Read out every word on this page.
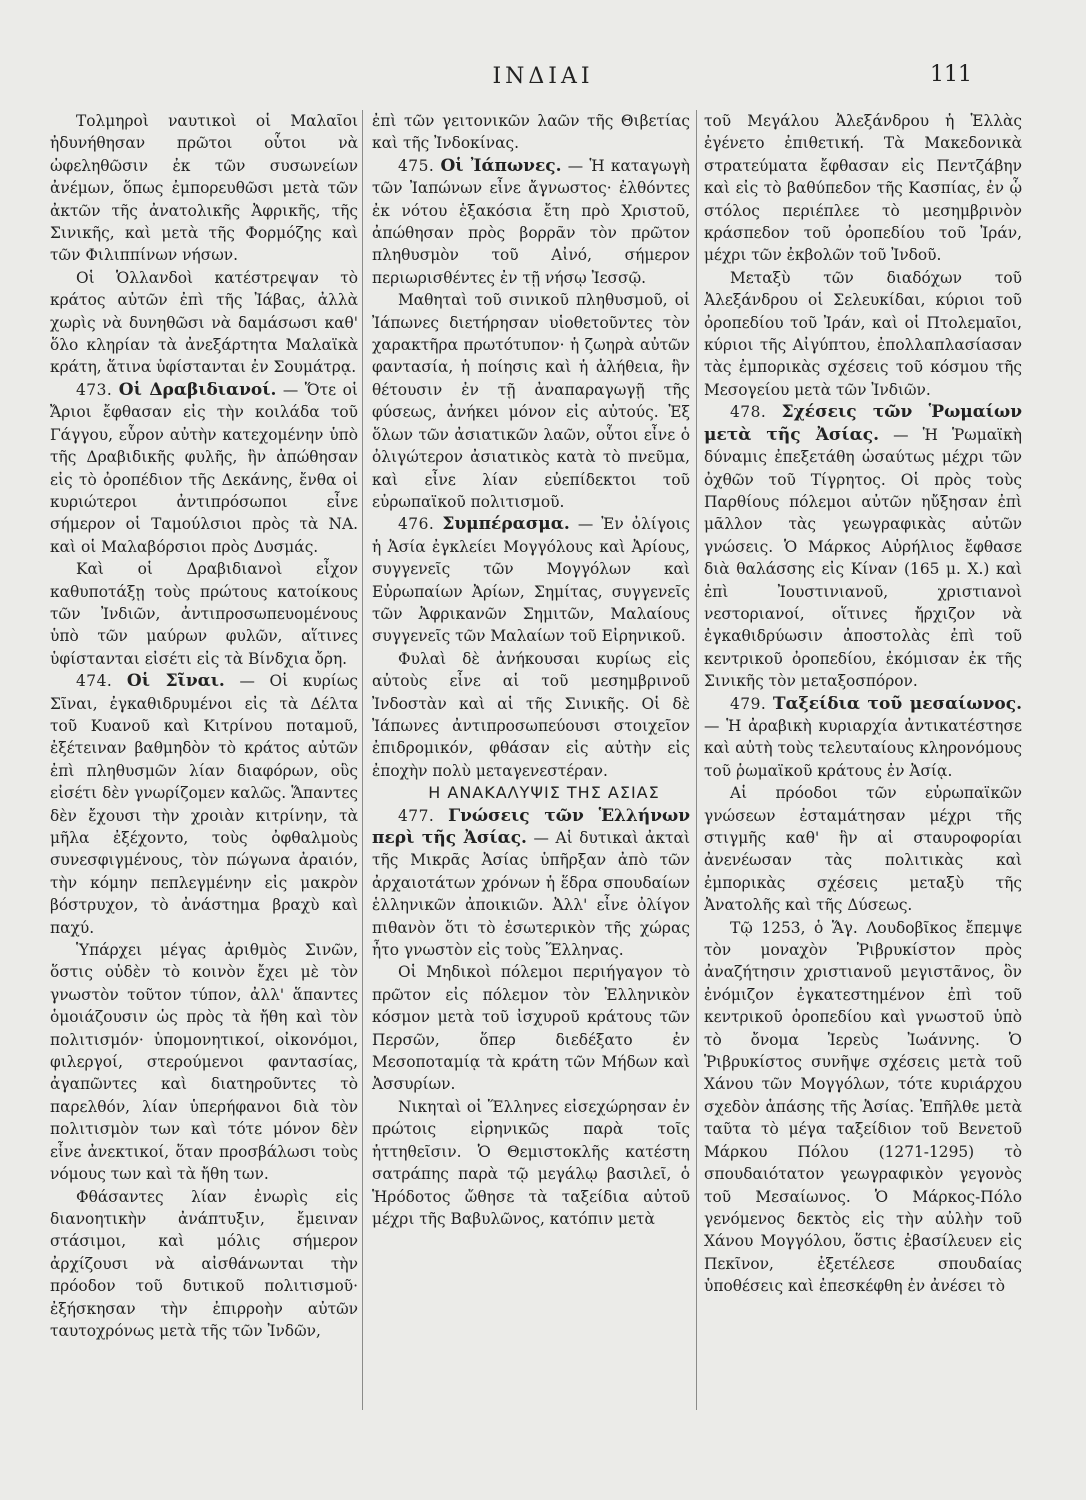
ΙΝΔΙΑΙ	111

Τολμηροὶ ναυτικοὶ οἱ Μαλαῖοι ἠδυνήθησαν πρῶτοι οὗτοι νὰ ὠφεληθῶσιν ἐκ τῶν συσωνείων ἀνέμων, ὅπως ἐμπορευθῶσι μετὰ τῶν ἀκτῶν τῆς ἀνατολικῆς Ἀφρικῆς, τῆς Σινικῆς, καὶ μετὰ τῆς Φορμόζης καὶ τῶν Φιλιππίνων νήσων.

Οἱ Ὁλλανδοὶ κατέστρεψαν τὸ κράτος αὐτῶν ἐπὶ τῆς Ἰάβας, ἀλλὰ χωρὶς νὰ δυνηθῶσι νὰ δαμάσωσι καθ' ὅλο κληρίαν τὰ ἀνεξάρτητα Μαλαϊκὰ κράτη, ἅτινα ὑφίστανται ἐν Σουμάτρᾳ.

473. Οἱ Δραβιδιανοί. — Ὅτε οἱ Ἄριοι ἔφθασαν εἰς τὴν κοιλάδα τοῦ Γάγγου, εὗρον αὐτὴν κατεχομένην ὑπὸ τῆς Δραβιδικῆς φυλῆς, ἣν ἀπώθησαν εἰς τὸ ὀροπέδιον τῆς Δεκάνης, ἔνθα οἱ κυριώτεροι ἀντιπρόσωποι εἶνε σήμερον οἱ Ταμούλσιοι πρὸς τὰ ΝΑ. καὶ οἱ Μαλαβόρσιοι πρὸς Δυσμάς.

Καὶ οἱ Δραβιδιανοὶ εἶχον καθυποτάξῃ τοὺς πρώτους κατοίκους τῶν Ἰνδιῶν, ἀντιπροσωπευομένους ὑπὸ τῶν μαύρων φυλῶν, αἵτινες ὑφίστανται εἰσέτι εἰς τὰ Βίνδχια ὄρη.

474. Οἱ Σῖναι. — Οἱ κυρίως Σῖναι, ἐγκαθιδρυμένοι εἰς τὰ Δέλτα τοῦ Κυανοῦ καὶ Κιτρίνου ποταμοῦ, ἐξέτειναν βαθμηδὸν τὸ κράτος αὐτῶν ἐπὶ πληθυσμῶν λίαν διαφόρων, οὓς εἰσέτι δὲν γνωρίζομεν καλῶς. Ἅπαντες δὲν ἔχουσι τὴν χροιὰν κιτρίνην, τὰ μῆλα ἐξέχοντο, τοὺς ὀφθαλμοὺς συνεσφιγμένους, τὸν πώγωνα ἀραιόν, τὴν κόμην πεπλεγμένην εἰς μακρὸν βόστρυχον, τὸ ἀνάστημα βραχὺ καὶ παχύ.

Ὑπάρχει μέγας ἀριθμὸς Σινῶν, ὅστις οὐδὲν τὸ κοινὸν ἔχει μὲ τὸν γνωστὸν τοῦτον τύπον, ἀλλ' ἅπαντες ὁμοιάζουσιν ὡς πρὸς τὰ ἤθη καὶ τὸν πολιτισμόν· ὑπομονητικοί, οἰκονόμοι, φιλεργοί, στερούμενοι φαντασίας, ἀγαπῶντες καὶ διατηροῦντες τὸ παρελθόν, λίαν ὑπερήφανοι διὰ τὸν πολιτισμὸν των καὶ τότε μόνον δὲν εἶνε ἀνεκτικοί, ὅταν προσβάλωσι τοὺς νόμους των καὶ τὰ ἤθη των.

Φθάσαντες λίαν ἐνωρὶς εἰς διανοητικὴν ἀνάπτυξιν, ἔμειναν στάσιμοι, καὶ μόλις σήμερον ἀρχίζουσι νὰ αἰσθάνωνται τὴν πρόοδον τοῦ δυτικοῦ πολιτισμοῦ· ἐξήσκησαν τὴν ἐπιρροὴν αὐτῶν ταυτοχρόνως μετὰ τῆς τῶν Ἰνδῶν,

ἐπὶ τῶν γειτονικῶν λαῶν τῆς Θιβετίας καὶ τῆς Ἰνδοκίνας.

475. Οἱ Ἰάπωνες. — Ἡ καταγωγὴ τῶν Ἰαπώνων εἶνε ἄγνωστος· ἐλθόντες ἐκ νότου ἑξακόσια ἔτη πρὸ Χριστοῦ, ἀπώθησαν πρὸς βορρᾶν τὸν πρῶτον πληθυσμὸν τοῦ Αἰνό, σήμερον περιωρισθέντες ἐν τῇ νήσῳ Ἰεσσῷ.

Μαθηταὶ τοῦ σινικοῦ πληθυσμοῦ, οἱ Ἰάπωνες διετήρησαν υἱοθετοῦντες τὸν χαρακτῆρα πρωτότυπον· ἡ ζωηρὰ αὐτῶν φαντασία, ἡ ποίησις καὶ ἡ ἀλήθεια, ἣν θέτουσιν ἐν τῇ ἀναπαραγωγῇ τῆς φύσεως, ἀνήκει μόνον εἰς αὐτούς. Ἐξ ὅλων τῶν ἀσιατικῶν λαῶν, οὗτοι εἶνε ὁ ὀλιγώτερον ἀσιατικὸς κατὰ τὸ πνεῦμα, καὶ εἶνε λίαν εὐεπίδεκτοι τοῦ εὐρωπαϊκοῦ πολιτισμοῦ.

476. Συμπέρασμα. — Ἐν ὀλίγοις ἡ Ἀσία ἐγκλείει Μογγόλους καὶ Ἀρίους, συγγενεῖς τῶν Μογγόλων καὶ Εὐρωπαίων Ἀρίων, Σημίτας, συγγενεῖς τῶν Ἀφρικανῶν Σημιτῶν, Μαλαίους συγγενεῖς τῶν Μαλαίων τοῦ Εἰρηνικοῦ.

Φυλαὶ δὲ ἀνήκουσαι κυρίως εἰς αὐτοὺς εἶνε αἱ τοῦ μεσημβρινοῦ Ἰνδοστὰν καὶ αἱ τῆς Σινικῆς. Οἱ δὲ Ἰάπωνες ἀντιπροσωπεύουσι στοιχεῖον ἐπιδρομικόν, φθάσαν εἰς αὐτὴν εἰς ἐποχὴν πολὺ μεταγενεστέραν.

Η ΑΝΑΚΑΛΥΨΙΣ ΤΗΣ ΑΣΙΑΣ

477. Γνώσεις τῶν Ἑλλήνων περὶ τῆς Ἀσίας. — Αἱ δυτικαὶ ἀκταὶ τῆς Μικρᾶς Ἀσίας ὑπῆρξαν ἀπὸ τῶν ἀρχαιοτάτων χρόνων ἡ ἕδρα σπουδαίων ἑλληνικῶν ἀποικιῶν. Ἀλλ' εἶνε ὀλίγον πιθανὸν ὅτι τὸ ἐσωτερικὸν τῆς χώρας ἦτο γνωστὸν εἰς τοὺς Ἕλληνας.

Οἱ Μηδικοὶ πόλεμοι περιήγαγον τὸ πρῶτον εἰς πόλεμον τὸν Ἑλληνικὸν κόσμον μετὰ τοῦ ἰσχυροῦ κράτους τῶν Περσῶν, ὅπερ διεδέξατο ἐν Μεσοποταμίᾳ τὰ κράτη τῶν Μήδων καὶ Ἀσσυρίων.

Νικηταὶ οἱ Ἕλληνες εἰσεχώρησαν ἐν πρώτοις εἰρηνικῶς παρὰ τοῖς ἡττηθεῖσιν. Ὁ Θεμιστοκλῆς κατέστη σατράπης παρὰ τῷ μεγάλῳ βασιλεῖ, ὁ Ἡρόδοτος ὤθησε τὰ ταξείδια αὐτοῦ μέχρι τῆς Βαβυλῶνος, κατόπιν μετὰ

τοῦ Μεγάλου Ἀλεξάνδρου ἡ Ἑλλὰς ἐγένετο ἐπιθετική. Τὰ Μακεδονικὰ στρατεύματα ἔφθασαν εἰς Πεντζάβην καὶ εἰς τὸ βαθύπεδον τῆς Κασπίας, ἐν ᾧ στόλος περιέπλεε τὸ μεσημβρινὸν κράσπεδον τοῦ ὀροπεδίου τοῦ Ἰράν, μέχρι τῶν ἐκβολῶν τοῦ Ἰνδοῦ.

Μεταξὺ τῶν διαδόχων τοῦ Ἀλεξάνδρου οἱ Σελευκίδαι, κύριοι τοῦ ὀροπεδίου τοῦ Ἰράν, καὶ οἱ Πτολεμαῖοι, κύριοι τῆς Αἰγύπτου, ἐπολλαπλασίασαν τὰς ἐμπορικὰς σχέσεις τοῦ κόσμου τῆς Μεσογείου μετὰ τῶν Ἰνδιῶν.

478. Σχέσεις τῶν Ῥωμαίων μετὰ τῆς Ἀσίας. — Ἡ Ῥωμαϊκὴ δύναμις ἐπεξετάθη ὡσαύτως μέχρι τῶν ὀχθῶν τοῦ Τίγρητος. Οἱ πρὸς τοὺς Παρθίους πόλεμοι αὐτῶν ηὔξησαν ἐπὶ μᾶλλον τὰς γεωγραφικὰς αὐτῶν γνώσεις. Ὁ Μάρκος Αὐρήλιος ἔφθασε διὰ θαλάσσης εἰς Κίναν (165 μ. Χ.) καὶ ἐπὶ Ἰουστινιανοῦ, χριστιανοὶ νεστοριανοί, οἵτινες ἤρχιζον νὰ ἐγκαθιδρύωσιν ἀποστολὰς ἐπὶ τοῦ κεντρικοῦ ὀροπεδίου, ἐκόμισαν ἐκ τῆς Σινικῆς τὸν μεταξοσπόρον.

479. Ταξείδια τοῦ μεσαίωνος. — Ἡ ἀραβικὴ κυριαρχία ἀντικατέστησε καὶ αὐτὴ τοὺς τελευταίους κληρονόμους τοῦ ῥωμαϊκοῦ κράτους ἐν Ἀσίᾳ.

Αἱ πρόοδοι τῶν εὐρωπαϊκῶν γνώσεων ἐσταμάτησαν μέχρι τῆς στιγμῆς καθ' ἣν αἱ σταυροφορίαι ἀνενέωσαν τὰς πολιτικὰς καὶ ἐμπορικὰς σχέσεις μεταξὺ τῆς Ἀνατολῆς καὶ τῆς Δύσεως.

Τῷ 1253, ὁ Ἅγ. Λουδοβῖκος ἔπεμψε τὸν μοναχὸν Ῥιβρυκίστον πρὸς ἀναζήτησιν χριστιανοῦ μεγιστᾶνος, ὃν ἐνόμιζον ἐγκατεστημένον ἐπὶ τοῦ κεντρικοῦ ὀροπεδίου καὶ γνωστοῦ ὑπὸ τὸ ὄνομα Ἱερεὺς Ἰωάννης. Ὁ Ῥιβρυκίστος συνῆψε σχέσεις μετὰ τοῦ Χάνου τῶν Μογγόλων, τότε κυριάρχου σχεδὸν ἁπάσης τῆς Ἀσίας. Ἐπῆλθε μετὰ ταῦτα τὸ μέγα ταξείδιον τοῦ Βενετοῦ Μάρκου Πόλου (1271-1295) τὸ σπουδαιότατον γεωγραφικὸν γεγονὸς τοῦ Μεσαίωνος. Ὁ Μάρκος-Πόλο γενόμενος δεκτὸς εἰς τὴν αὐλὴν τοῦ Χάνου Μογγόλου, ὅστις ἐβασίλευεν εἰς Πεκῖνον, ἐξετέλεσε σπουδαίας ὑποθέσεις καὶ ἐπεσκέφθη ἐν ἀνέσει τὸ
